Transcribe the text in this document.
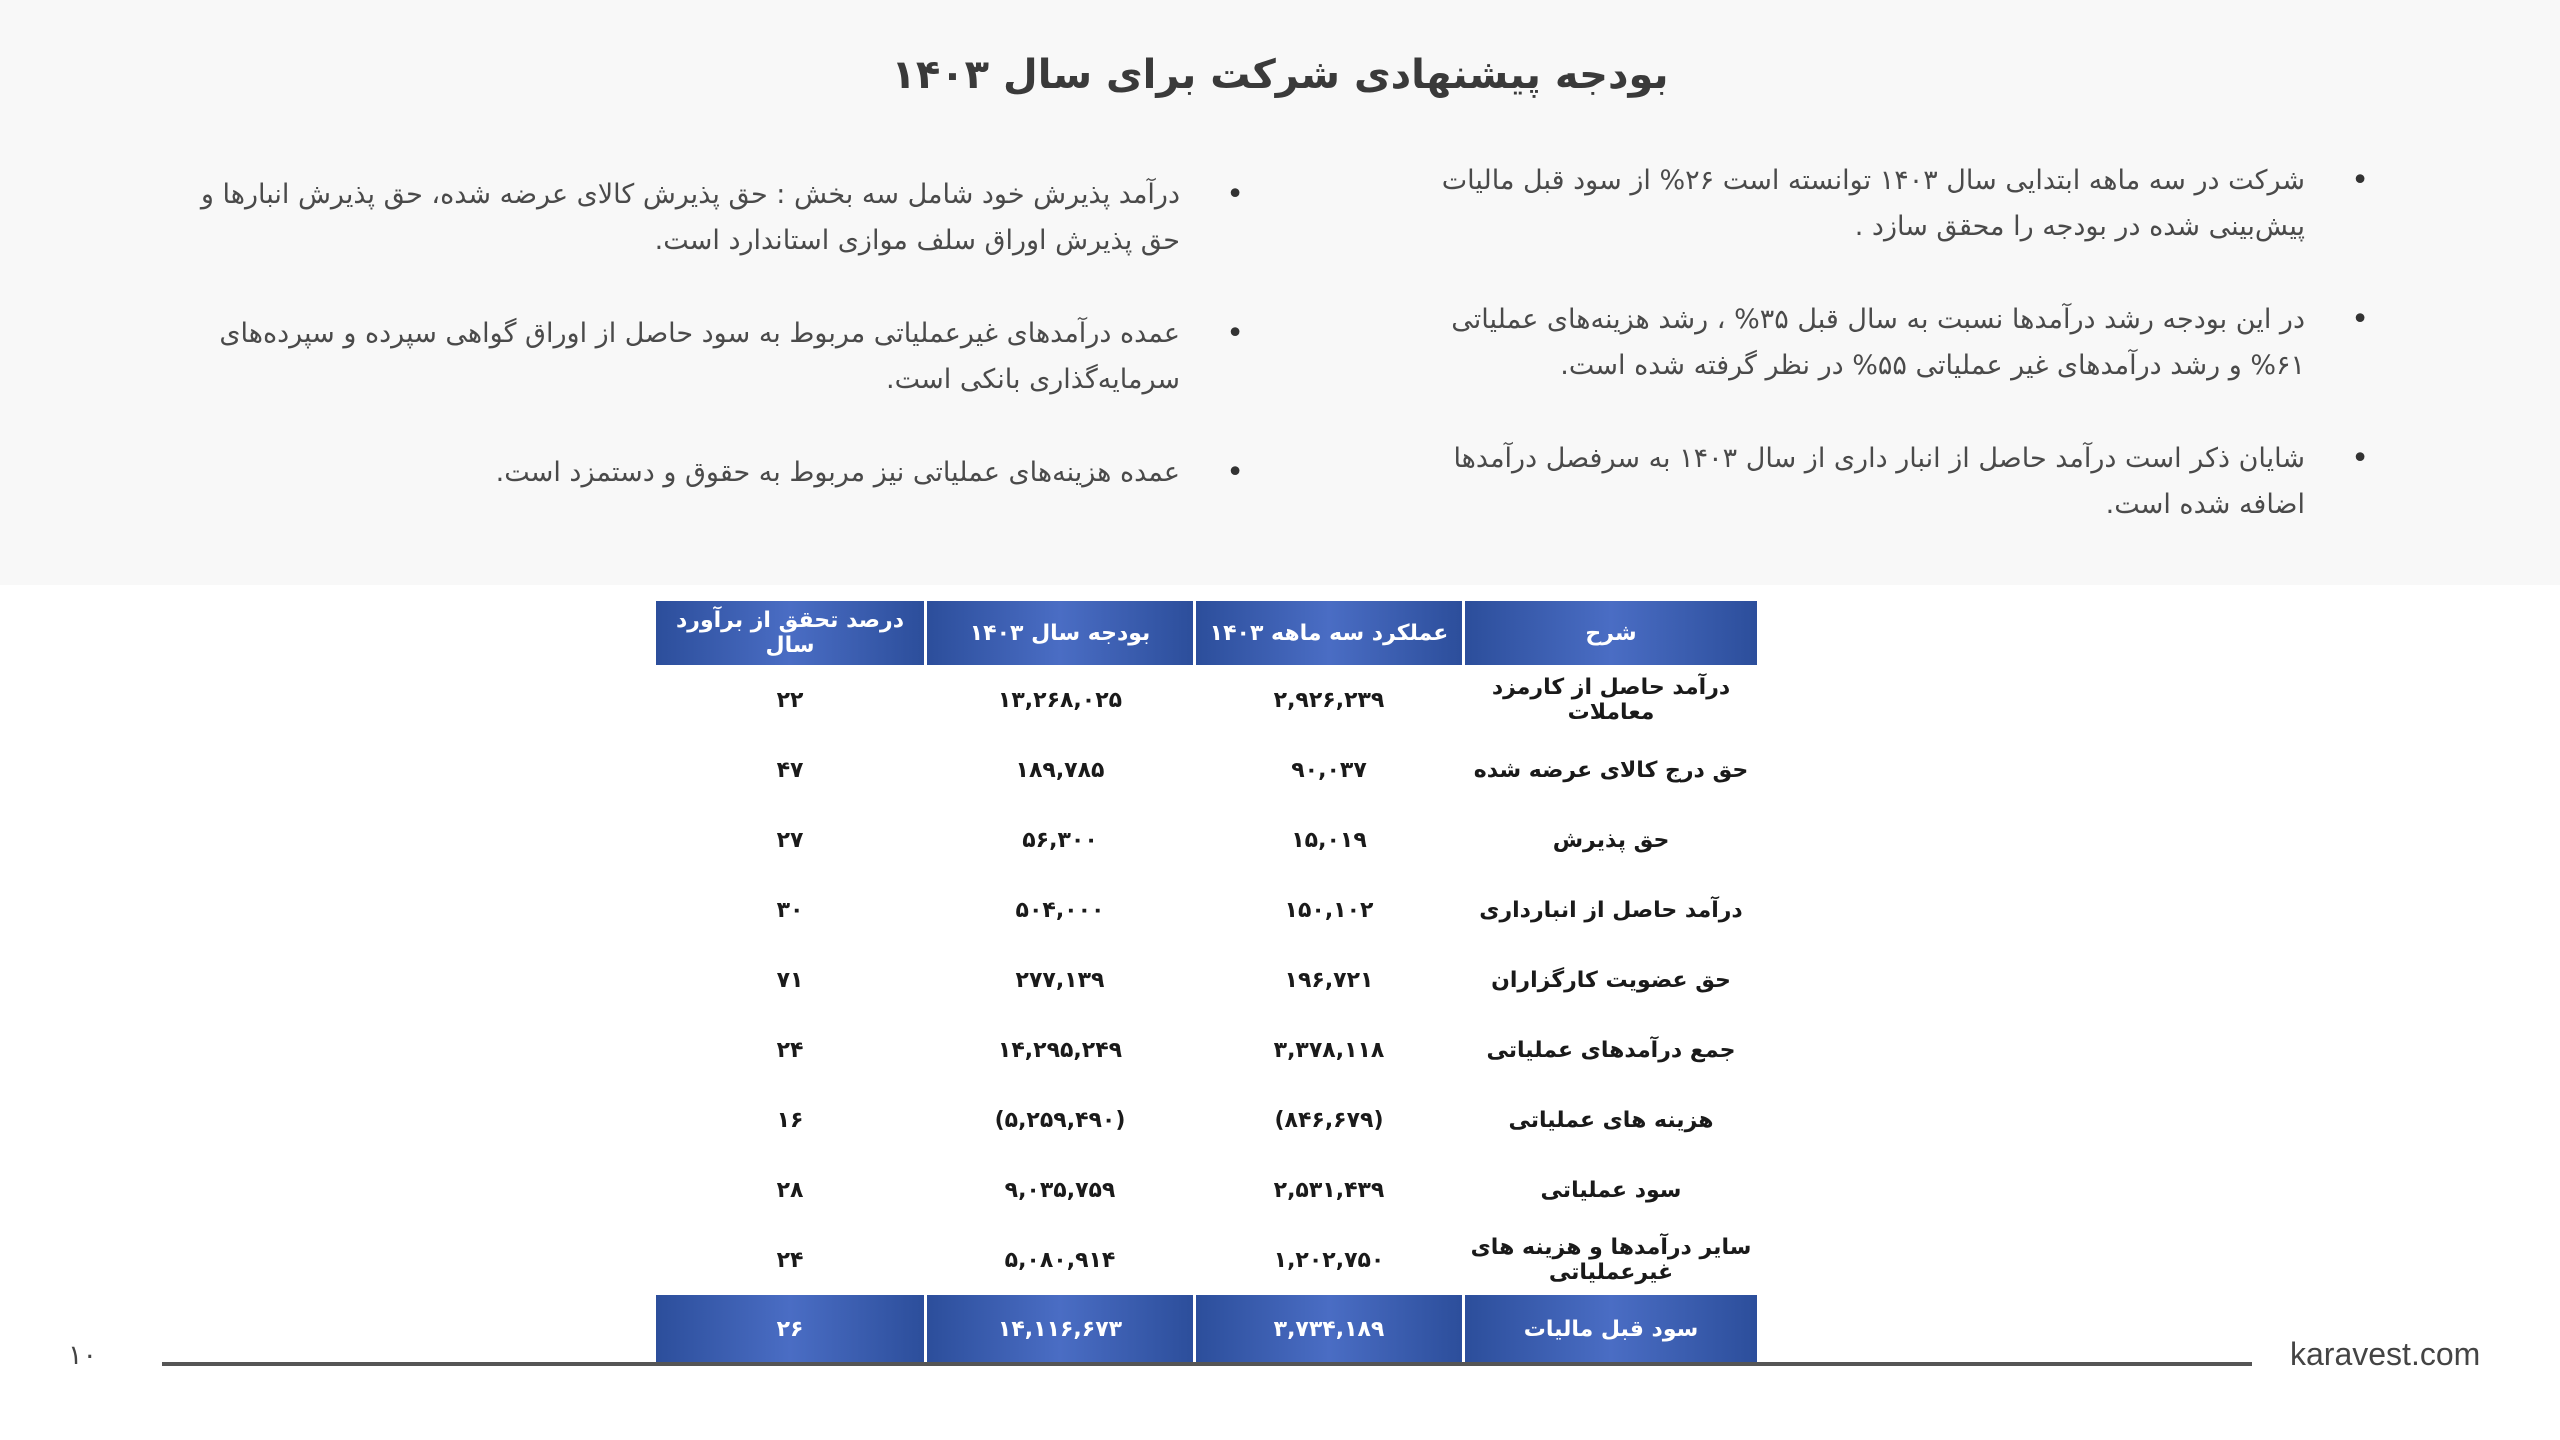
بودجه پیشنهادی شرکت برای سال ۱۴۰۳
•
شرکت در سه ماهه ابتدایی سال ۱۴۰۳ توانسته است ۲۶% از سود قبل مالیات پیش‌بینی شده در بودجه را محقق سازد .
•
در این بودجه رشد درآمدها نسبت به سال قبل ۳۵% ، رشد هزینه‌های عملیاتی ۶۱% و رشد درآمدهای غیر عملیاتی ۵۵% در نظر گرفته شده است.
•
شایان ذکر است درآمد حاصل از انبار داری از سال ۱۴۰۳ به سرفصل درآمدها اضافه شده است.
•
درآمد پذیرش خود شامل سه بخش : حق پذیرش کالای عرضه شده، حق پذیرش انبارها و حق پذیرش اوراق سلف موازی استاندارد است.
•
عمده درآمدهای غیرعملیاتی مربوط به سود حاصل از اوراق گواهی سپرده و سپرده‌های سرمایه‌گذاری بانکی است.
•
عمده هزینه‌های عملیاتی نیز مربوط به حقوق و دستمزد است.
شرح	عملکرد سه ماهه ۱۴۰۳	بودجه سال ۱۴۰۳	درصد تحقق از برآورد سال
درآمد حاصل از کارمزد معاملات	۲,۹۲۶,۲۳۹	۱۳,۲۶۸,۰۲۵	۲۲
حق درج کالای عرضه شده	۹۰,۰۳۷	۱۸۹,۷۸۵	۴۷
حق پذیرش	۱۵,۰۱۹	۵۶,۳۰۰	۲۷
درآمد حاصل از انبارداری	۱۵۰,۱۰۲	۵۰۴,۰۰۰	۳۰
حق عضویت کارگزاران	۱۹۶,۷۲۱	۲۷۷,۱۳۹	۷۱
جمع درآمدهای عملیاتی	۳,۳۷۸,۱۱۸	۱۴,۲۹۵,۲۴۹	۲۴
هزینه های عملیاتی	(۸۴۶,۶۷۹)	(۵,۲۵۹,۴۹۰)	۱۶
سود عملیاتی	۲,۵۳۱,۴۳۹	۹,۰۳۵,۷۵۹	۲۸
سایر درآمدها و هزینه های غیرعملیاتی	۱,۲۰۲,۷۵۰	۵,۰۸۰,۹۱۴	۲۴
سود قبل مالیات	۳,۷۳۴,۱۸۹	۱۴,۱۱۶,۶۷۳	۲۶
۱۰	karavest.com
